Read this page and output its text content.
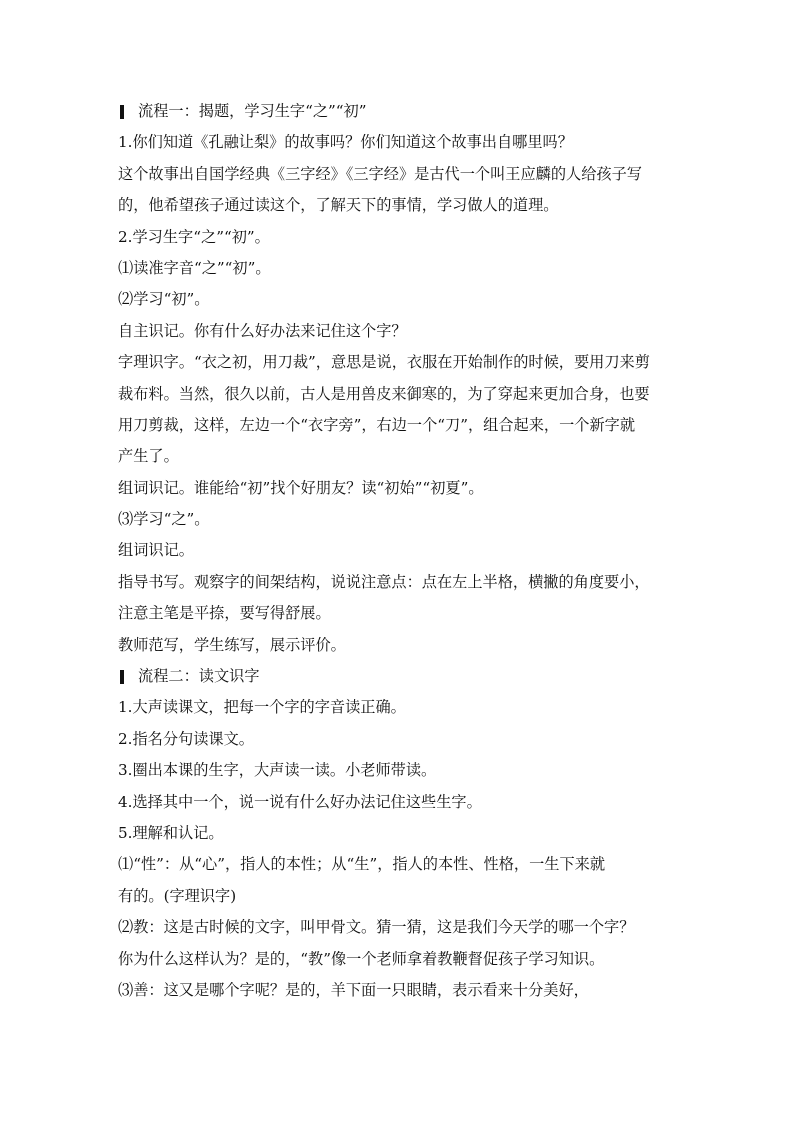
流程一：揭题，学习生字“之”“初”
1.你们知道《孔融让梨》的故事吗？你们知道这个故事出自哪里吗？
这个故事出自国学经典《三字经》《三字经》是古代一个叫王应麟的人给孩子写
的，他希望孩子通过读这个，了解天下的事情，学习做人的道理。
2.学习生字“之”“初”。
⑴读准字音“之”“初”。
⑵学习“初”。
自主识记。你有什么好办法来记住这个字？
字理识字。“衣之初，用刀裁”，意思是说，衣服在开始制作的时候，要用刀来剪
裁布料。当然，很久以前，古人是用兽皮来御寒的，为了穿起来更加合身，也要
用刀剪裁，这样，左边一个“衣字旁”，右边一个“刀”，组合起来，一个新字就
产生了。
组词识记。谁能给“初”找个好朋友？读“初始”“初夏”。
⑶学习“之”。
组词识记。
指导书写。观察字的间架结构，说说注意点：点在左上半格，横撇的角度要小，
注意主笔是平捺，要写得舒展。
教师范写，学生练写，展示评价。
流程二：读文识字
1.大声读课文，把每一个字的字音读正确。
2.指名分句读课文。
3.圈出本课的生字，大声读一读。小老师带读。
4.选择其中一个，说一说有什么好办法记住这些生字。
5.理解和认记。
⑴“性”：从“心”，指人的本性；从“生”，指人的本性、性格，一生下来就
有的。(字理识字)
⑵教：这是古时候的文字，叫甲骨文。猜一猜，这是我们今天学的哪一个字？
你为什么这样认为？是的，“教”像一个老师拿着教鞭督促孩子学习知识。
⑶善：这又是哪个字呢？是的，羊下面一只眼睛，表示看来十分美好，
